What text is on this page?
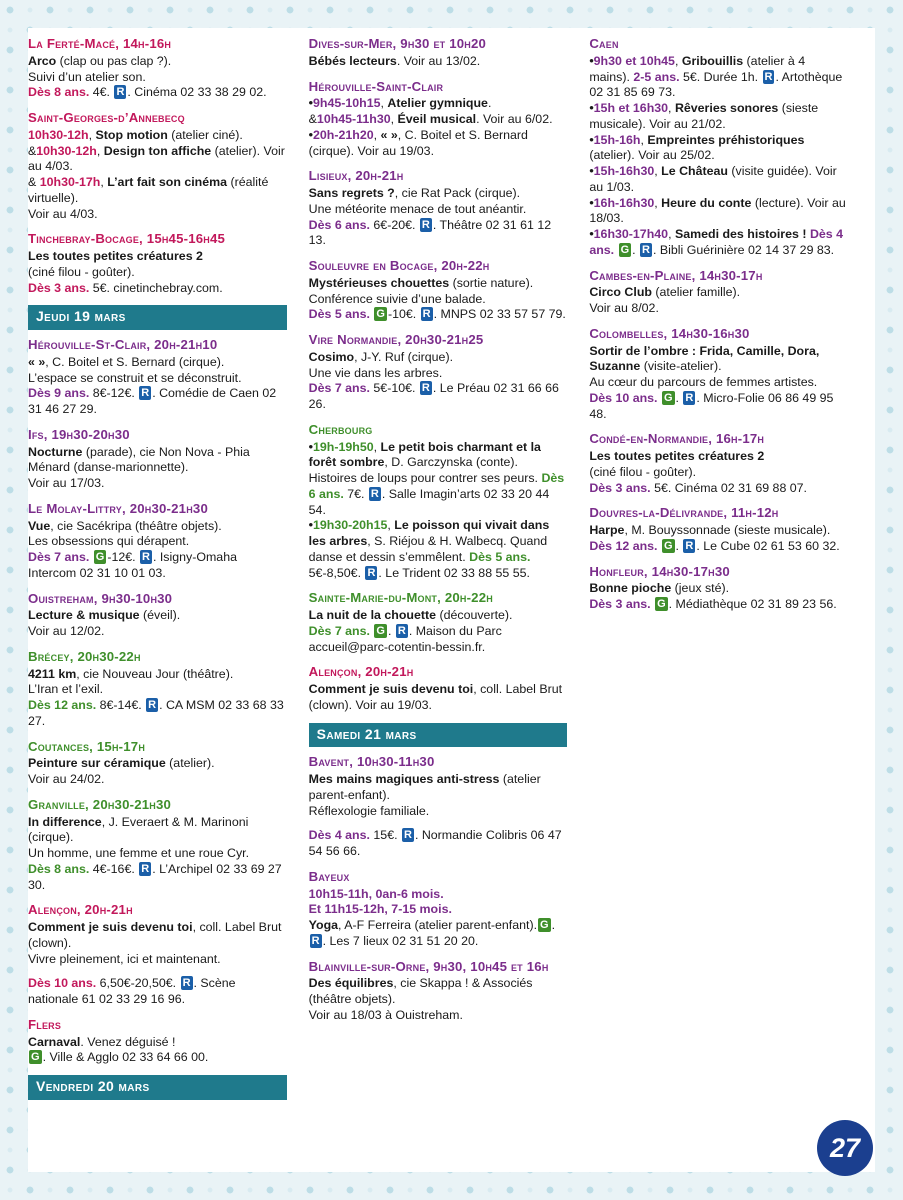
La Ferté-Macé, 14h-16h
Arco (clap ou pas clap ?).
Suivi d’un atelier son.
Dès 8 ans. 4€. R . Cinéma 02 33 38 29 02.
Saint-Georges-d’Annebecq
10h30-12h, Stop motion (atelier ciné).
&10h30-12h, Design ton affiche (atelier). Voir au 4/03.
& 10h30-17h, L’art fait son cinéma (réalité virtuelle).
Voir au 4/03.
Tinchebray-Bocage, 15h45-16h45
Les toutes petites créatures 2
(ciné filou - goûter).
Dès 3 ans. 5€. cinetinchebray.com.
Jeudi 19 mars
Hérouville-St-Clair, 20h-21h10
« », C. Boitel et S. Bernard (cirque).
L’espace se construit et se déconstruit.
Dès 9 ans. 8€-12€. R . Comédie de Caen 02 31 46 27 29.
Ifs, 19h30-20h30
Nocturne (parade), cie Non Nova - Phia Ménard (danse-marionnette).
Voir au 17/03.
Le Molay-Littry, 20h30-21h30
Vue, cie Sacékripa (théâtre objets).
Les obsessions qui dérapent.
Dès 7 ans. G -12€. R . Isigny-Omaha Intercom 02 31 10 01 03.
Ouistreham, 9h30-10h30
Lecture & musique (éveil).
Voir au 12/02.
Brécey, 20h30-22h
4211 km, cie Nouveau Jour (théâtre).
L’Iran et l’exil.
Dès 12 ans. 8€-14€. R . CA MSM 02 33 68 33 27.
Coutances, 15h-17h
Peinture sur céramique (atelier).
Voir au 24/02.
Granville, 20h30-21h30
In difference, J. Everaert & M. Marinoni (cirque).
Un homme, une femme et une roue Cyr.
Dès 8 ans. 4€-16€. R . L’Archipel 02 33 69 27 30.
Alençon, 20h-21h
Comment je suis devenu toi, coll. Label Brut (clown).
Vivre pleinement, ici et maintenant.
Dès 10 ans. 6,50€-20,50€. R . Scène nationale 61 02 33 29 16 96.
Flers
Carnaval. Venez déguisé !
G . Ville & Agglo 02 33 64 66 00.
Vendredi 20 mars
Dives-sur-Mer, 9h30 et 10h20
Bébés lecteurs. Voir au 13/02.
Hérouville-Saint-Clair
•9h45-10h15, Atelier gymnique.
&10h45-11h30, Éveil musical. Voir au 6/02.
•20h-21h20, « », C. Boitel et S. Bernard (cirque). Voir au 19/03.
Lisieux, 20h-21h
Sans regrets ?, cie Rat Pack (cirque).
Une météorite menace de tout anéantir.
Dès 6 ans. 6€-20€. R . Théâtre 02 31 61 12 13.
Souleuvre en Bocage, 20h-22h
Mystérieuses chouettes (sortie nature).
Conférence suivie d’une balade.
Dès 5 ans. G -10€. R . MNPS 02 33 57 57 79.
Vire Normandie, 20h30-21h25
Cosimo, J-Y. Ruf (cirque).
Une vie dans les arbres.
Dès 7 ans. 5€-10€. R . Le Préau 02 31 66 66 26.
Cherbourg
•19h-19h50, Le petit bois charmant et la forêt sombre, D. Garczynska (conte). Histoires de loups pour contrer ses peurs. Dès 6 ans. 7€. R . Salle Imagin’arts 02 33 20 44 54.
•19h30-20h15, Le poisson qui vivait dans les arbres, S. Riéjou & H. Walbecq. Quand danse et dessin s’emmêlent. Dès 5 ans. 5€-8,50€. R . Le Trident 02 33 88 55 55.
Sainte-Marie-du-Mont, 20h-22h
La nuit de la chouette (découverte).
Dès 7 ans. G . R . Maison du Parc accueil@parc-cotentin-bessin.fr.
Alençon, 20h-21h
Comment je suis devenu toi, coll. Label Brut (clown). Voir au 19/03.
Samedi 21 mars
Bavent, 10h30-11h30
Mes mains magiques anti-stress (atelier parent-enfant).
Réflexologie familiale.
Dès 4 ans. 15€. R . Normandie Colibris 06 47 54 56 66.
Bayeux
10h15-11h, 0an-6 mois.
Et 11h15-12h, 7-15 mois.
Yoga, A-F Ferreira (atelier parent-enfant). G . R . Les 7 lieux 02 31 51 20 20.
Blainville-sur-Orne, 9h30, 10h45 et 16h
Des équilibres, cie Skappa ! & Associés (théâtre objets).
Voir au 18/03 à Ouistreham.
Caen
•9h30 et 10h45, Gribouillis (atelier à 4 mains). 2-5 ans. 5€. Durée 1h. R . Artothèque 02 31 85 69 73.
•15h et 16h30, Rêveries sonores (sieste musicale). Voir au 21/02.
•15h-16h, Empreintes préhistoriques (atelier). Voir au 25/02.
•15h-16h30, Le Château (visite guidée). Voir au 1/03.
•16h-16h30, Heure du conte (lecture). Voir au 18/03.
•16h30-17h40, Samedi des histoires ! Dès 4 ans. G . R . Bibli Guérinière 02 14 37 29 83.
Cambes-en-Plaine, 14h30-17h
Circo Club (atelier famille).
Voir au 8/02.
Colombelles, 14h30-16h30
Sortir de l’ombre : Frida, Camille, Dora, Suzanne (visite-atelier).
Au cœur du parcours de femmes artistes.
Dès 10 ans. G . R . Micro-Folie 06 86 49 95 48.
Condé-en-Normandie, 16h-17h
Les toutes petites créatures 2
(ciné filou - goûter).
Dès 3 ans. 5€. Cinéma 02 31 69 88 07.
Douvres-la-Délivrande, 11h-12h
Harpe, M. Bouyssonnade (sieste musicale).
Dès 12 ans. G . R . Le Cube 02 61 53 60 32.
Honfleur, 14h30-17h30
Bonne pioche (jeux sté).
Dès 3 ans. G . Médiathèque 02 31 89 23 56.
27
